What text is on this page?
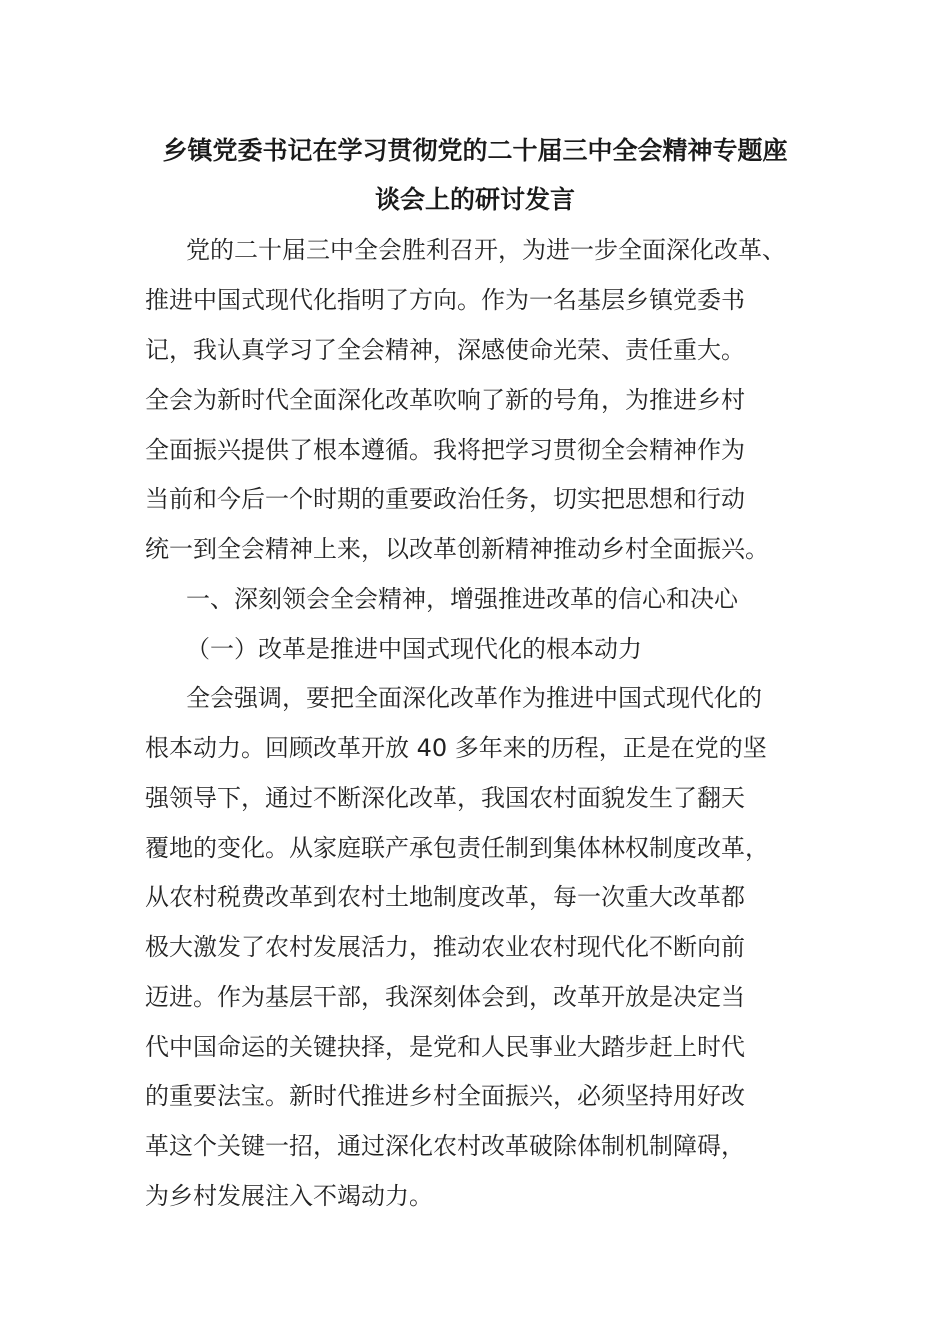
乡镇党委书记在学习贯彻党的二十届三中全会精神专题座
谈会上的研讨发言
党的二十届三中全会胜利召开，为进一步全面深化改革、
推进中国式现代化指明了方向。作为一名基层乡镇党委书
记，我认真学习了全会精神，深感使命光荣、责任重大。
全会为新时代全面深化改革吹响了新的号角，为推进乡村
全面振兴提供了根本遵循。我将把学习贯彻全会精神作为
当前和今后一个时期的重要政治任务，切实把思想和行动
统一到全会精神上来，以改革创新精神推动乡村全面振兴。
一、深刻领会全会精神，增强推进改革的信心和决心
（一）改革是推进中国式现代化的根本动力
全会强调，要把全面深化改革作为推进中国式现代化的
根本动力。回顾改革开放 40 多年来的历程，正是在党的坚
强领导下，通过不断深化改革，我国农村面貌发生了翻天
覆地的变化。从家庭联产承包责任制到集体林权制度改革，
从农村税费改革到农村土地制度改革，每一次重大改革都
极大激发了农村发展活力，推动农业农村现代化不断向前
迈进。作为基层干部，我深刻体会到，改革开放是决定当
代中国命运的关键抉择，是党和人民事业大踏步赶上时代
的重要法宝。新时代推进乡村全面振兴，必须坚持用好改
革这个关键一招，通过深化农村改革破除体制机制障碍，
为乡村发展注入不竭动力。
